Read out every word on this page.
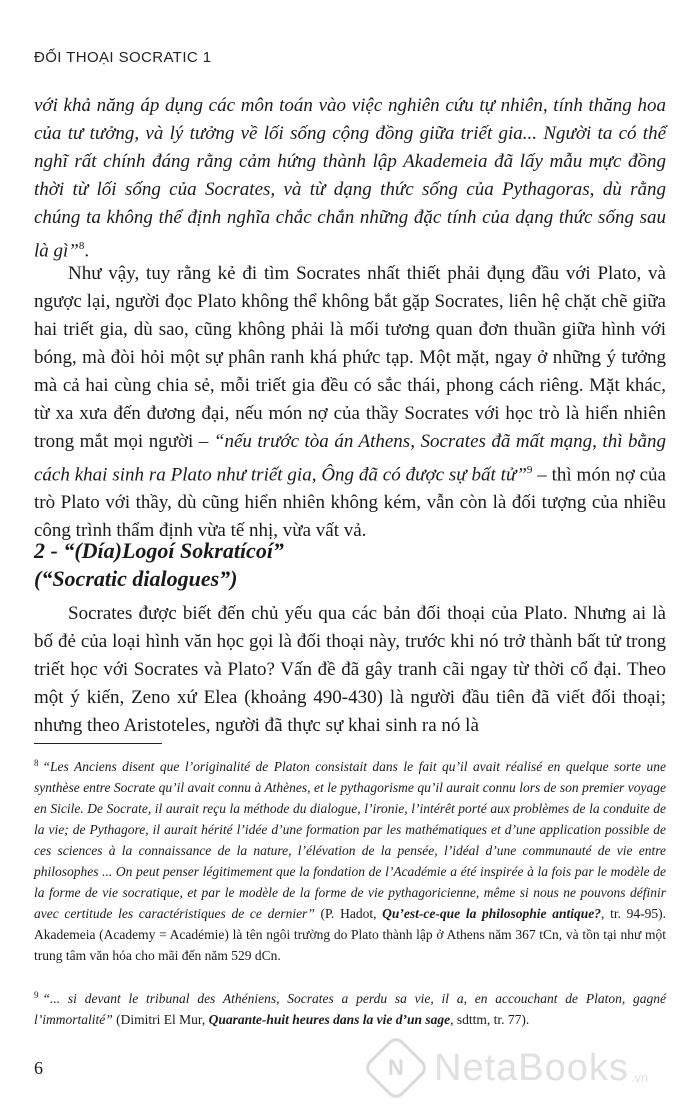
ĐỐI THOẠI SOCRATIC 1
với khả năng áp dụng các môn toán vào việc nghiên cứu tự nhiên, tính thăng hoa của tư tưởng, và lý tưởng về lối sống cộng đồng giữa triết gia... Người ta có thể nghĩ rất chính đáng rằng cảm hứng thành lập Akademeia đã lấy mẫu mực đồng thời từ lối sống của Socrates, và từ dạng thức sống của Pythagoras, dù rằng chúng ta không thể định nghĩa chắc chắn những đặc tính của dạng thức sống sau là gì”$^8$.
Như vậy, tuy rằng kẻ đi tìm Socrates nhất thiết phải đụng đầu với Plato, và ngược lại, người đọc Plato không thể không bắt gặp Socrates, liên hệ chặt chẽ giữa hai triết gia, dù sao, cũng không phải là mối tương quan đơn thuần giữa hình với bóng, mà đòi hỏi một sự phân ranh khá phức tạp. Một mặt, ngay ở những ý tưởng mà cả hai cùng chia sẻ, mỗi triết gia đều có sắc thái, phong cách riêng. Mặt khác, từ xa xưa đến đương đại, nếu món nợ của thầy Socrates với học trò là hiển nhiên trong mắt mọi người – “nếu trước tòa án Athens, Socrates đã mất mạng, thì bằng cách khai sinh ra Plato như triết gia, Ông đã có được sự bất tử”$^9$ – thì món nợ của trò Plato với thầy, dù cũng hiển nhiên không kém, vẫn còn là đối tượng của nhiều công trình thẩm định vừa tế nhị, vừa vất vả.
2 - “(Día)Logoí Sokratícoí”
(“Socratic dialogues”)
Socrates được biết đến chủ yếu qua các bản đối thoại của Plato. Nhưng ai là bố đẻ của loại hình văn học gọi là đối thoại này, trước khi nó trở thành bất tử trong triết học với Socrates và Plato? Vấn đề đã gây tranh cãi ngay từ thời cổ đại. Theo một ý kiến, Zeno xứ Elea (khoảng 490-430) là người đầu tiên đã viết đối thoại; nhưng theo Aristoteles, người đã thực sự khai sinh ra nó là
$^8$ “Les Anciens disent que l’originalité de Platon consistait dans le fait qu’il avait réalisé en quelque sorte une synthèse entre Socrate qu’il avait connu à Athènes, et le pythagorisme qu’il aurait connu lors de son premier voyage en Sicile. De Socrate, il aurait reçu la méthode du dialogue, l’ironie, l’intérêt porté aux problèmes de la conduite de la vie; de Pythagore, il aurait hérité l’idée d’une formation par les mathématiques et d’une application possible de ces sciences à la connaissance de la nature, l’élévation de la pensée, l’idéal d’une communauté de vie entre philosophes ... On peut penser légitimement que la fondation de l’Académie a été inspirée à la fois par le modèle de la forme de vie socratique, et par le modèle de la forme de vie pythagoricienne, même si nous ne pouvons définir avec certitude les caractéristiques de ce dernier” (P. Hadot, Qu’est-ce-que la philosophie antique?, tr. 94-95). Akademeia (Academy = Académie) là tên ngôi trường do Plato thành lập ở Athens năm 367 tCn, và tồn tại như một trung tâm văn hóa cho mãi đến năm 529 dCn.
$^9$ “... si devant le tribunal des Athéniens, Socrates a perdu sa vie, il a, en accouchant de Platon, gagné l’immortalité” (Dimitri El Mur, Quarante-huit heures dans la vie d’un sage, sdttm, tr. 77).
6	N NetaBooks .vn
